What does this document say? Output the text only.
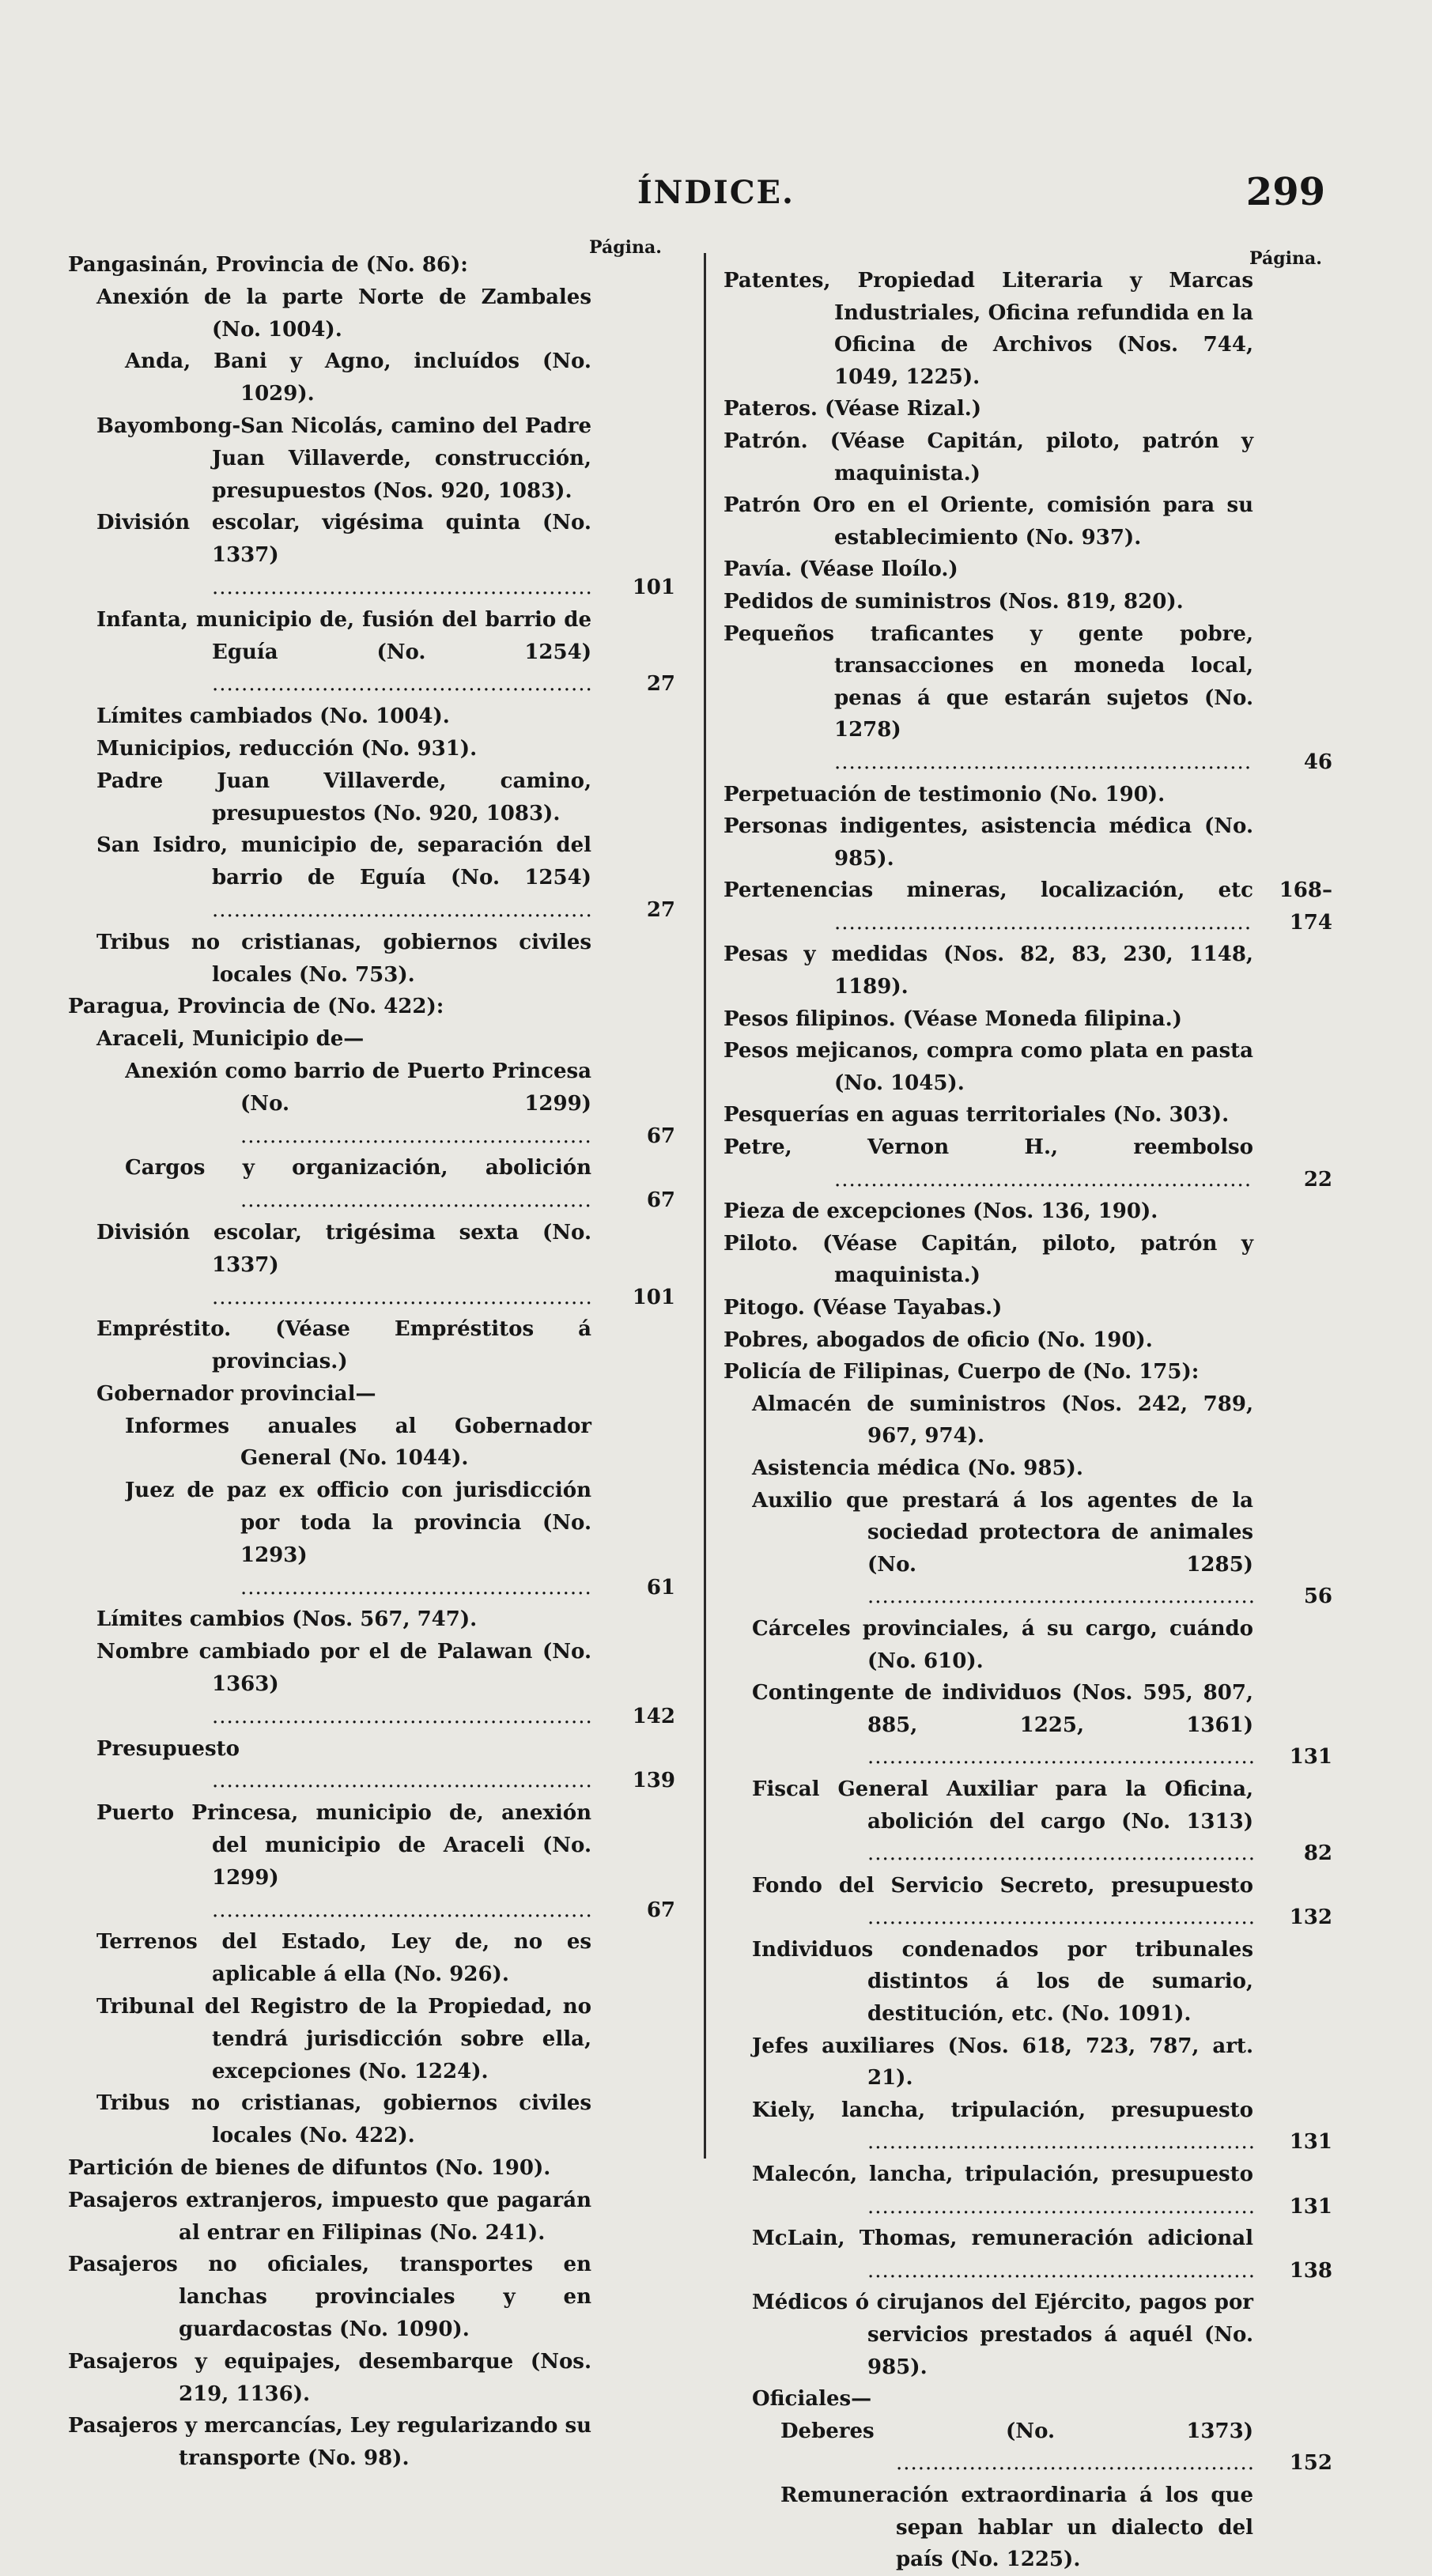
ÍNDICE.	299
Página.
Página.
Pangasinán, Provincia de (No. 86):
Anexión de la parte Norte de Zambales (No. 1004).
Anda, Bani y Agno, incluídos (No. 1029).
Bayombong-San Nicolás, camino del Padre Juan Villaverde, construcción, presupuestos (Nos. 920, 1083).
División escolar, vigésima quinta (No. 1337) .....
101
Infanta, municipio de, fusión del barrio de Eguía (No. 1254) .....
27
Límites cambiados (No. 1004).
Municipios, reducción (No. 931).
Padre Juan Villaverde, camino, presupuestos (No. 920, 1083).
San Isidro, municipio de, separación del barrio de Eguía (No. 1254) .....
27
Tribus no cristianas, gobiernos civiles locales (No. 753).
Paragua, Provincia de (No. 422):
Araceli, Municipio de—
Anexión como barrio de Puerto Princesa (No. 1299) .....
67
Cargos y organización, abolición .....
67
División escolar, trigésima sexta (No. 1337) .....
101
Empréstito. (Véase Empréstitos á provincias.)
Gobernador provincial—
Informes anuales al Gobernador General (No. 1044).
Juez de paz ex officio con jurisdicción por toda la provincia (No. 1293) .....
61
Límites cambios (Nos. 567, 747).
Nombre cambiado por el de Palawan (No. 1363) .....
142
Presupuesto .....
139
Puerto Princesa, municipio de, anexión del municipio de Araceli (No. 1299) .....
67
Terrenos del Estado, Ley de, no es aplicable á ella (No. 926).
Tribunal del Registro de la Propiedad, no tendrá jurisdicción sobre ella, excepciones (No. 1224).
Tribus no cristianas, gobiernos civiles locales (No. 422).
Partición de bienes de difuntos (No. 190).
Pasajeros extranjeros, impuesto que pagarán al entrar en Filipinas (No. 241).
Pasajeros no oficiales, transportes en lanchas provinciales y en guardacostas (No. 1090).
Pasajeros y equipajes, desembarque (Nos. 219, 1136).
Pasajeros y mercancías, Ley regularizando su transporte (No. 98).
Patentes, Propiedad Literaria y Marcas Industriales, Oficina refundida en la Oficina de Archivos (Nos. 744, 1049, 1225).
Pateros. (Véase Rizal.)
Patrón. (Véase Capitán, piloto, patrón y maquinista.)
Patrón Oro en el Oriente, comisión para su establecimiento (No. 937).
Pavía. (Véase Iloílo.)
Pedidos de suministros (Nos. 819, 820).
Pequeños traficantes y gente pobre, transacciones en moneda local, penas á que estarán sujetos (No. 1278) .....
46
Perpetuación de testimonio (No. 190).
Personas indigentes, asistencia médica (No. 985).
Pertenencias mineras, localización, etc .....	168–174
Pesas y medidas (Nos. 82, 83, 230, 1148, 1189).
Pesos filipinos. (Véase Moneda filipina.)
Pesos mejicanos, compra como plata en pasta (No. 1045).
Pesquerías en aguas territoriales (No. 303).
Petre, Vernon H., reembolso .....
22
Pieza de excepciones (Nos. 136, 190).
Piloto. (Véase Capitán, piloto, patrón y maquinista.)
Pitogo. (Véase Tayabas.)
Pobres, abogados de oficio (No. 190).
Policía de Filipinas, Cuerpo de (No. 175):
Almacén de suministros (Nos. 242, 789, 967, 974).
Asistencia médica (No. 985).
Auxilio que prestará á los agentes de la sociedad protectora de animales (No. 1285) .....
56
Cárceles provinciales, á su cargo, cuándo (No. 610).
Contingente de individuos (Nos. 595, 807, 885, 1225, 1361) .....
131
Fiscal General Auxiliar para la Oficina, abolición del cargo (No. 1313) .....
82
Fondo del Servicio Secreto, presupuesto .....
132
Individuos condenados por tribunales distintos á los de sumario, destitución, etc. (No. 1091).
Jefes auxiliares (Nos. 618, 723, 787, art. 21).
Kiely, lancha, tripulación, presupuesto .....
131
Malecón, lancha, tripulación, presupuesto .....
131
McLain, Thomas, remuneración adicional .....
138
Médicos ó cirujanos del Ejército, pagos por servicios prestados á aquél (No. 985).
Oficiales—
Deberes (No. 1373) .....
152
Remuneración extraordinaria á los que sepan hablar un dialecto del país (No. 1225).
